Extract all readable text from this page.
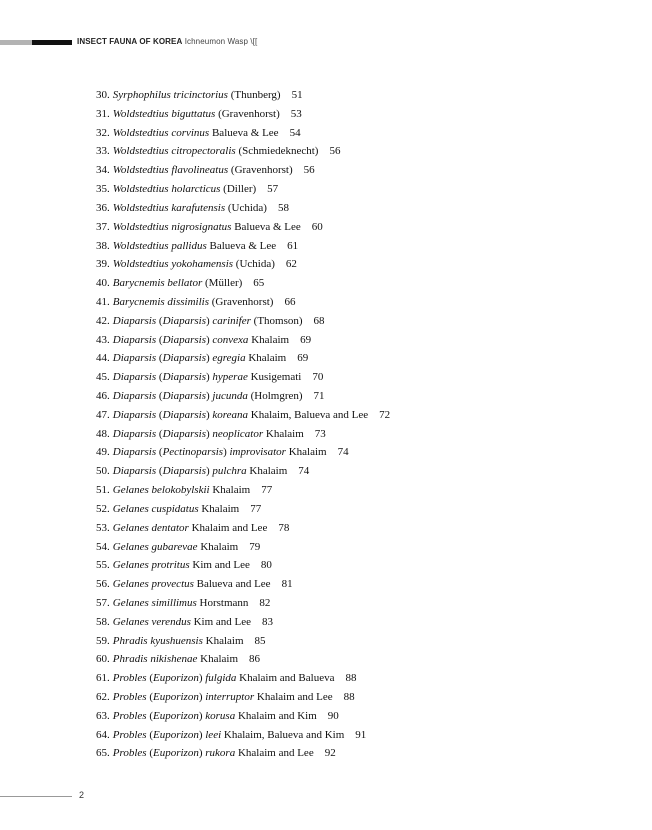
INSECT FAUNA OF KOREA Ichneumon Wasp \[[
30. Syrphophilus tricinctorius (Thunberg) 51
31. Woldstedtius biguttatus (Gravenhorst) 53
32. Woldstedtius corvinus Balueva & Lee 54
33. Woldstedtius citropectoralis (Schmiedeknecht) 56
34. Woldstedtius flavolineatus (Gravenhorst) 56
35. Woldstedtius holarcticus (Diller) 57
36. Woldstedtius karafutensis (Uchida) 58
37. Woldstedtius nigrosignatus Balueva & Lee 60
38. Woldstedtius pallidus Balueva & Lee 61
39. Woldstedtius yokohamensis (Uchida) 62
40. Barycnemis bellator (Müller) 65
41. Barycnemis dissimilis (Gravenhorst) 66
42. Diaparsis (Diaparsis) carinifer (Thomson) 68
43. Diaparsis (Diaparsis) convexa Khalaim 69
44. Diaparsis (Diaparsis) egregia Khalaim 69
45. Diaparsis (Diaparsis) hyperae Kusigemati 70
46. Diaparsis (Diaparsis) jucunda (Holmgren) 71
47. Diaparsis (Diaparsis) koreana Khalaim, Balueva and Lee 72
48. Diaparsis (Diaparsis) neoplicator Khalaim 73
49. Diaparsis (Pectinoparsis) improvisator Khalaim 74
50. Diaparsis (Diaparsis) pulchra Khalaim 74
51. Gelanes belokobylskii Khalaim 77
52. Gelanes cuspidatus Khalaim 77
53. Gelanes dentator Khalaim and Lee 78
54. Gelanes gubarevae Khalaim 79
55. Gelanes protritus Kim and Lee 80
56. Gelanes provectus Balueva and Lee 81
57. Gelanes simillimus Horstmann 82
58. Gelanes verendus Kim and Lee 83
59. Phradis kyushuensis Khalaim 85
60. Phradis nikishenae Khalaim 86
61. Probles (Euporizon) fulgida Khalaim and Balueva 88
62. Probles (Euporizon) interruptor Khalaim and Lee 88
63. Probles (Euporizon) korusa Khalaim and Kim 90
64. Probles (Euporizon) leei Khalaim, Balueva and Kim 91
65. Probles (Euporizon) rukora Khalaim and Lee 92
2
